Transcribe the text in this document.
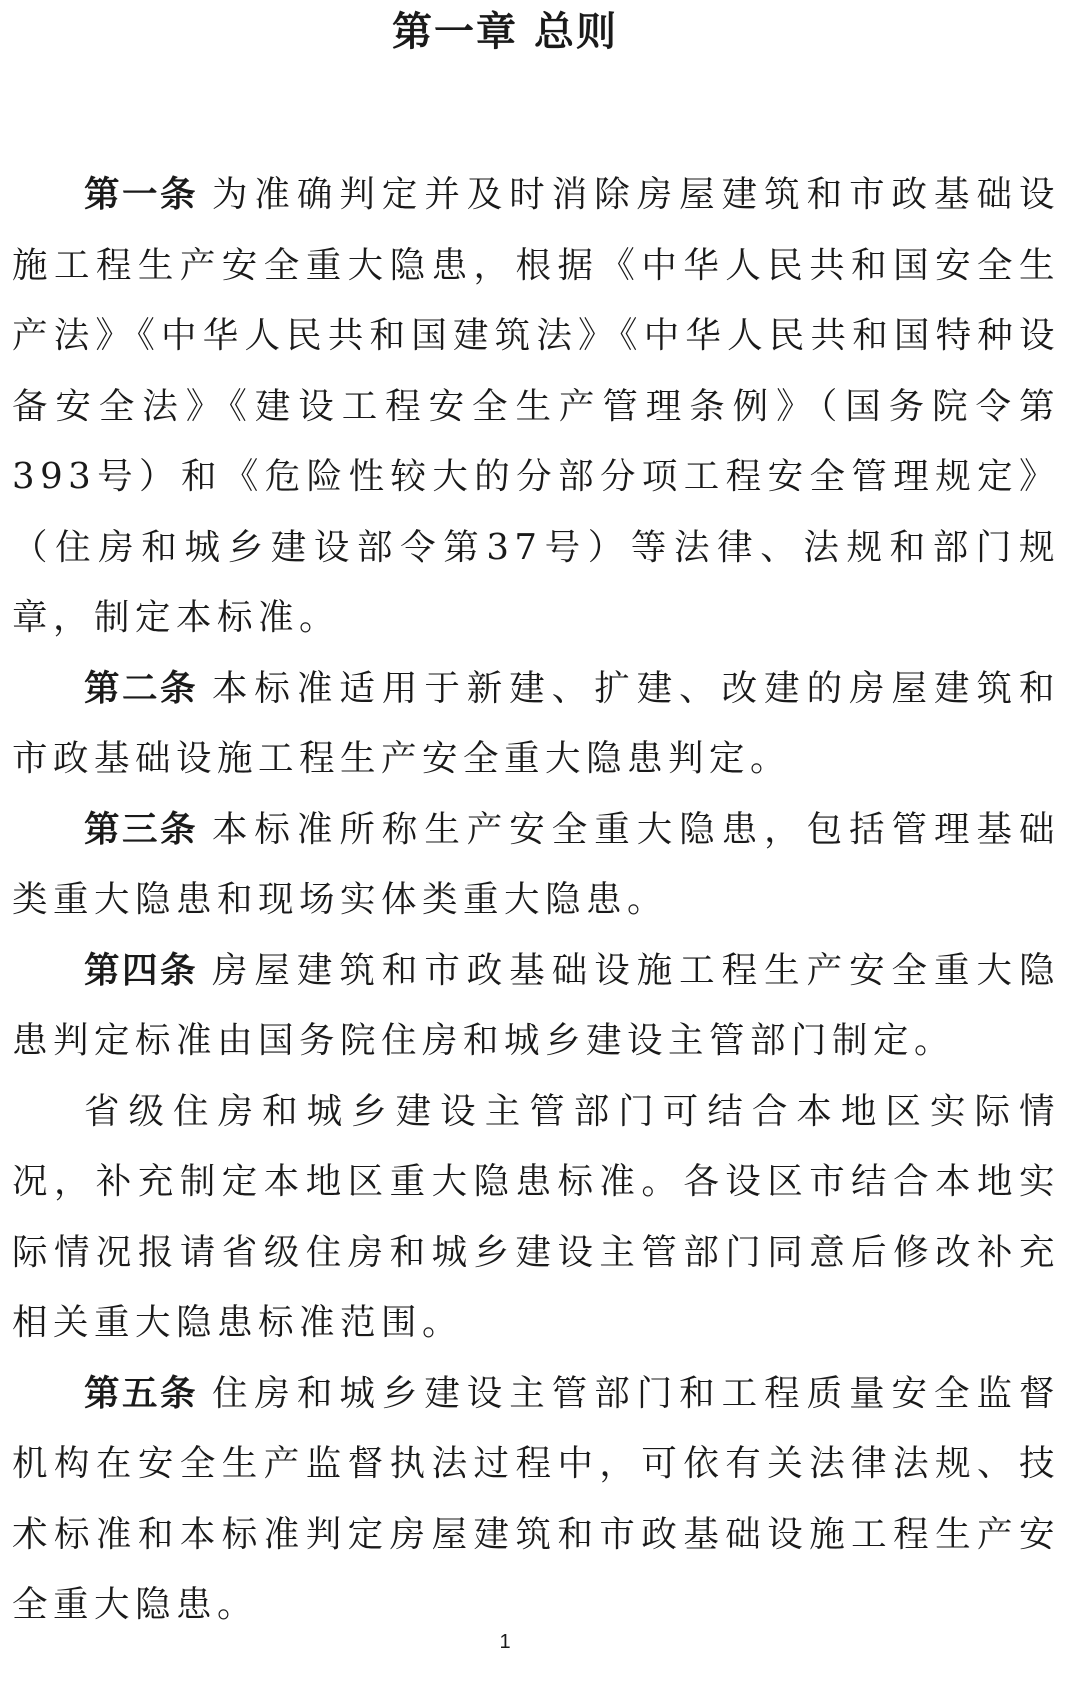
第一章 总则

第一条 为准确判定并及时消除房屋建筑和市政基础设施工程生产安全重大隐患，根据《中华人民共和国安全生产法》《中华人民共和国建筑法》《中华人民共和国特种设备安全法》《建设工程安全生产管理条例》（国务院令第393号）和《危险性较大的分部分项工程安全管理规定》（住房和城乡建设部令第37号）等法律、法规和部门规章，制定本标准。

第二条 本标准适用于新建、扩建、改建的房屋建筑和市政基础设施工程生产安全重大隐患判定。

第三条 本标准所称生产安全重大隐患，包括管理基础类重大隐患和现场实体类重大隐患。

第四条 房屋建筑和市政基础设施工程生产安全重大隐患判定标准由国务院住房和城乡建设主管部门制定。

省级住房和城乡建设主管部门可结合本地区实际情况，补充制定本地区重大隐患标准。各设区市结合本地实际情况报请省级住房和城乡建设主管部门同意后修改补充相关重大隐患标准范围。

第五条 住房和城乡建设主管部门和工程质量安全监督机构在安全生产监督执法过程中，可依有关法律法规、技术标准和本标准判定房屋建筑和市政基础设施工程生产安全重大隐患。

1
